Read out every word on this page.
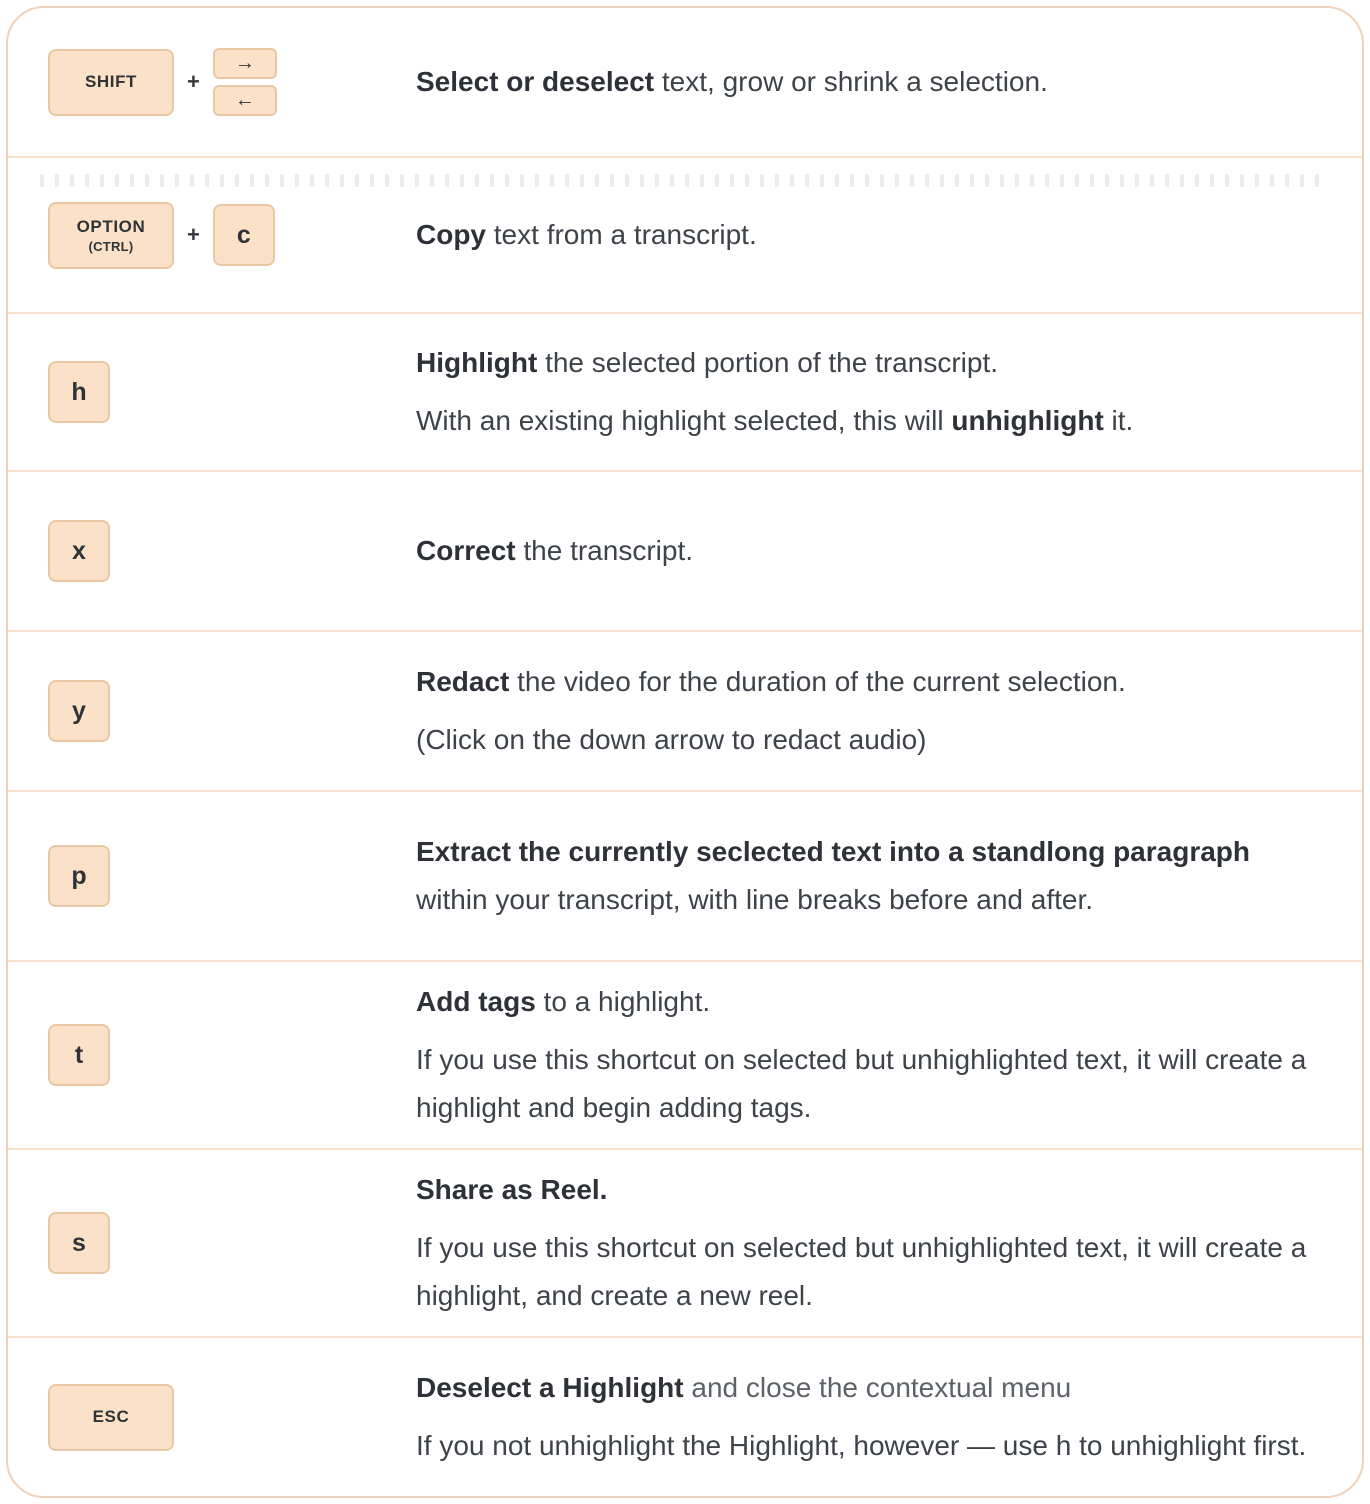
SHIFT +
→
←

Select or deselect text, grow or shrink a selection.

OPTION
(CTRL) + c	Copy text from a transcript.

h

Highlight the selected portion of the transcript.

With an existing highlight selected, this will unhighlight it.

x	Correct the transcript.

y

Redact the video for the duration of the current selection.

(Click on the down arrow to redact audio)

p

Extract the currently seclected text into a standlong paragraph within your transcript, with line breaks before and after.

t

Add tags to a highlight.

If you use this shortcut on selected but unhighlighted text, it will create a highlight and begin adding tags.

s

Share as Reel.

If you use this shortcut on selected but unhighlighted text, it will create a highlight, and create a new reel.

ESC

Deselect a Highlight and close the contextual menu

If you not unhighlight the Highlight, however — use h to unhighlight first.
